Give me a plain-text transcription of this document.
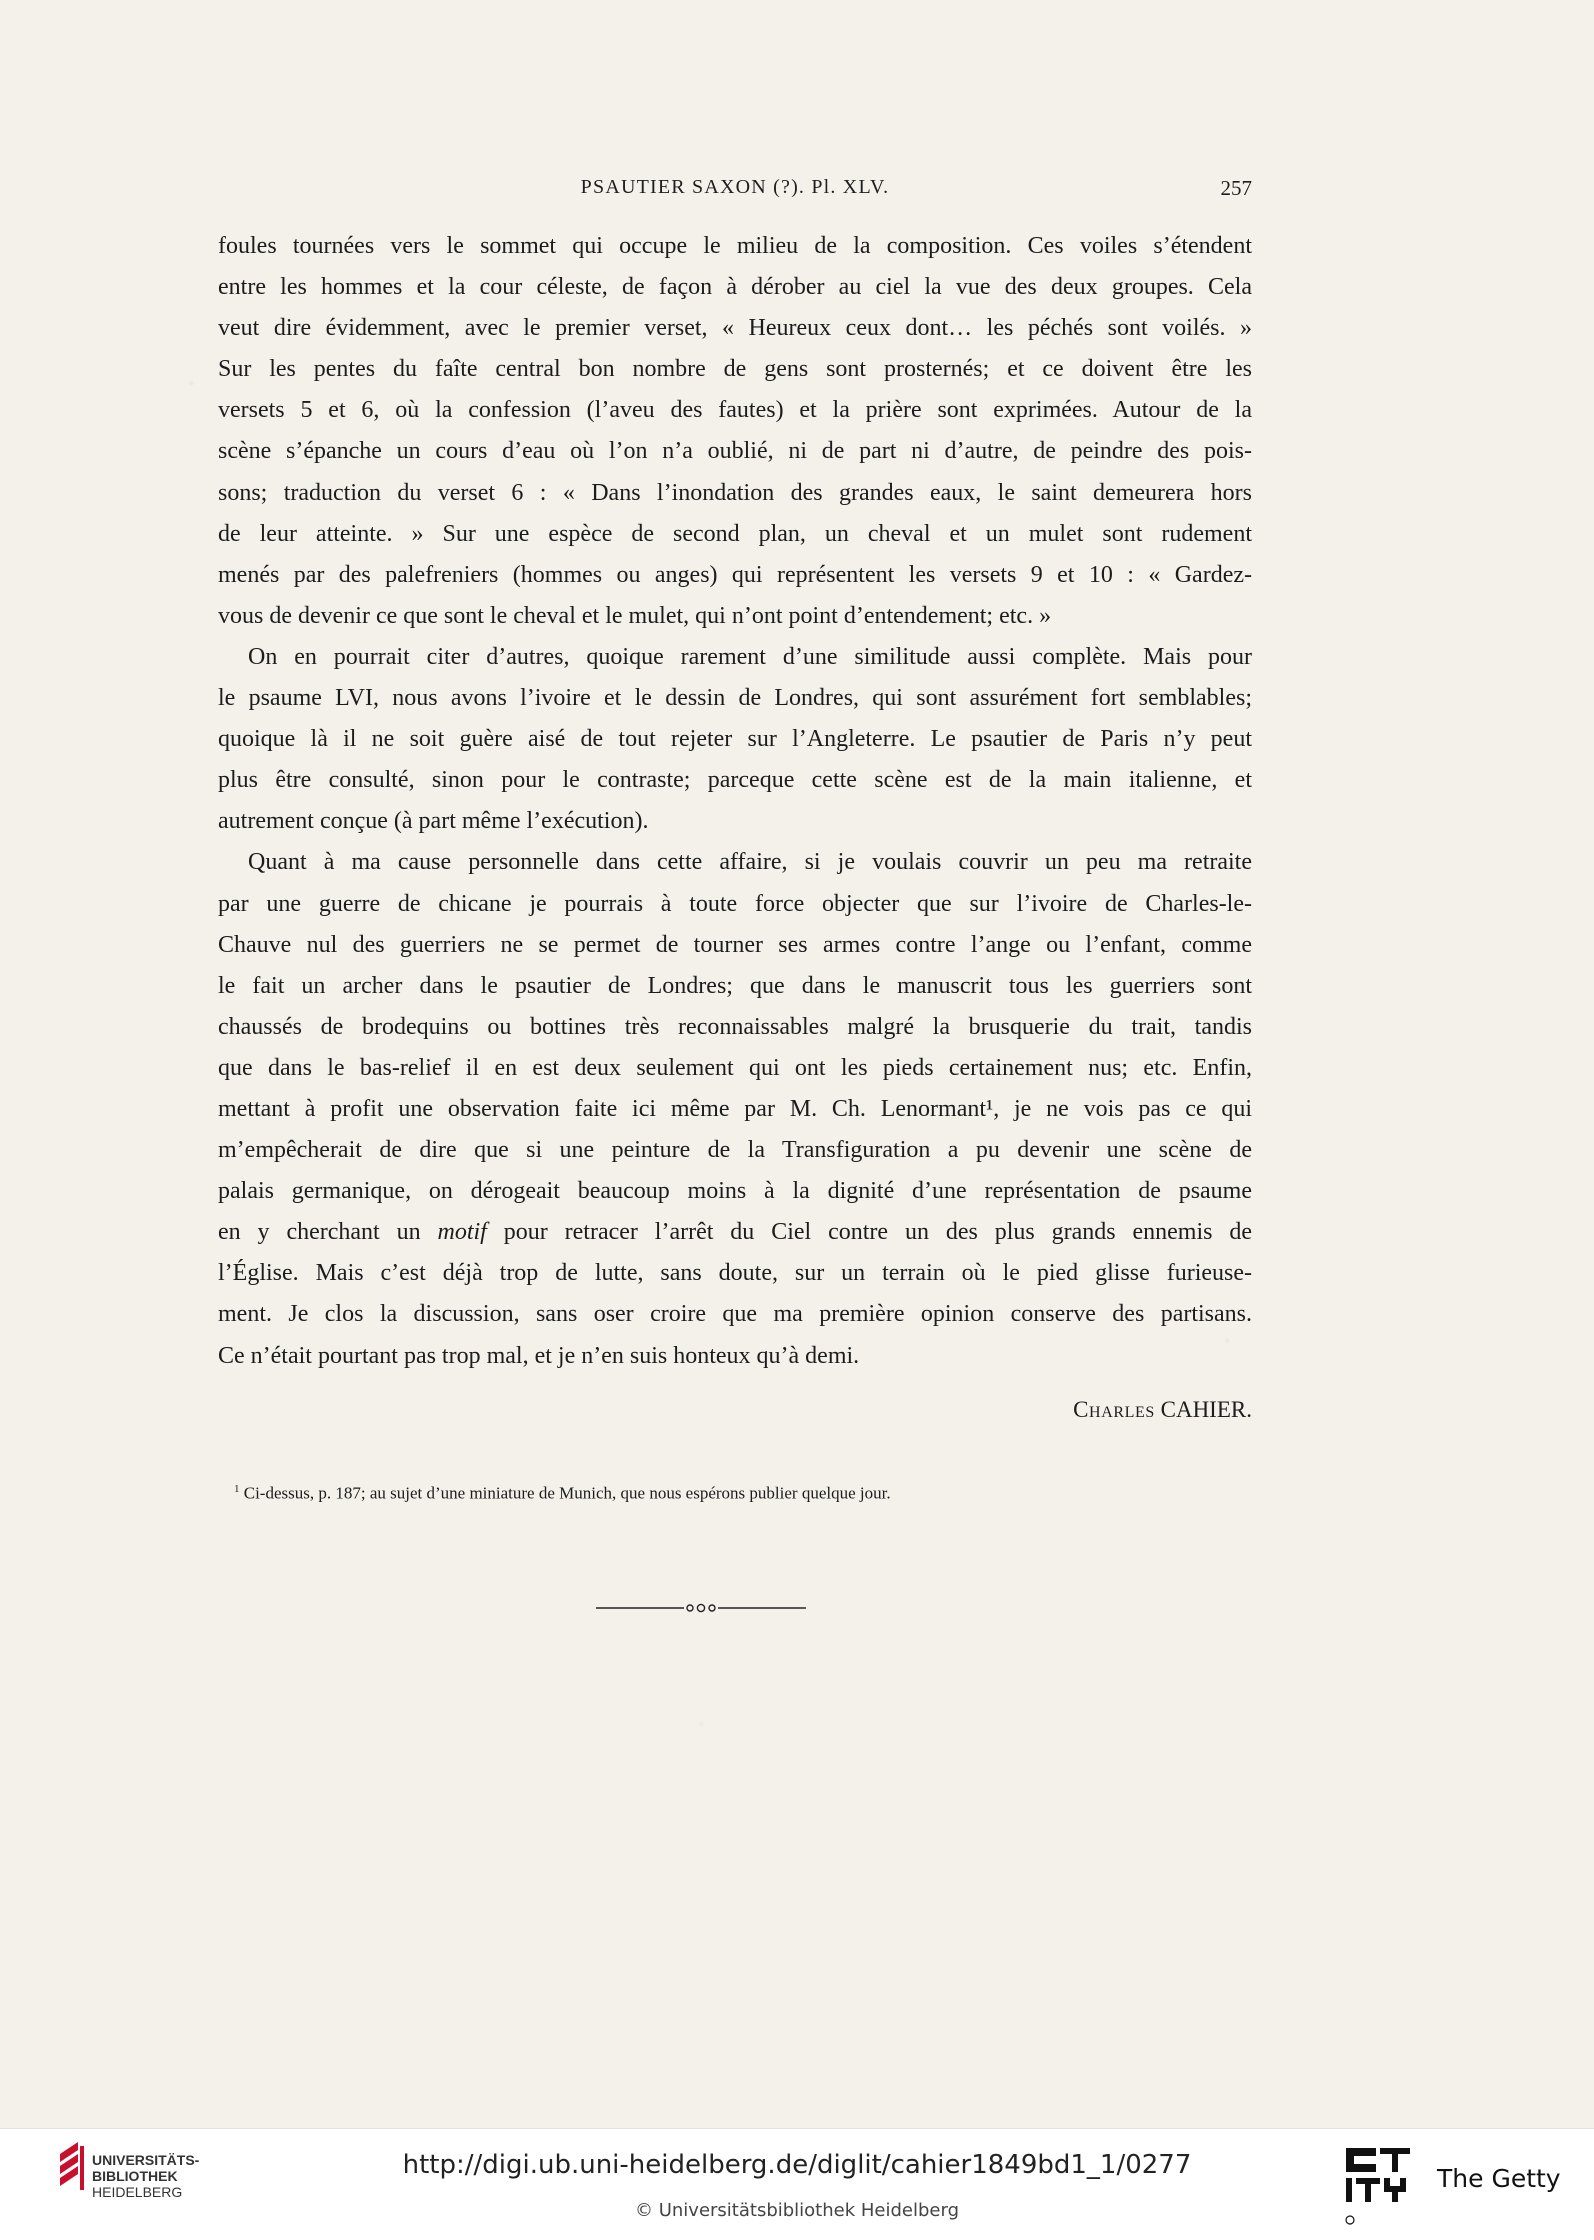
PSAUTIER SAXON (?). Pl. XLV.	257
foules tournées vers le sommet qui occupe le milieu de la composition. Ces voiles s’étendent
entre les hommes et la cour céleste, de façon à dérober au ciel la vue des deux groupes. Cela
veut dire évidemment, avec le premier verset, « Heureux ceux dont… les péchés sont voilés. »
Sur les pentes du faîte central bon nombre de gens sont prosternés; et ce doivent être les
versets 5 et 6, où la confession (l’aveu des fautes) et la prière sont exprimées. Autour de la
scène s’épanche un cours d’eau où l’on n’a oublié, ni de part ni d’autre, de peindre des pois-
sons; traduction du verset 6 : « Dans l’inondation des grandes eaux, le saint demeurera hors
de leur atteinte. » Sur une espèce de second plan, un cheval et un mulet sont rudement
menés par des palefreniers (hommes ou anges) qui représentent les versets 9 et 10 : « Gardez-
vous de devenir ce que sont le cheval et le mulet, qui n’ont point d’entendement; etc. »
On en pourrait citer d’autres, quoique rarement d’une similitude aussi complète. Mais pour
le psaume LVI, nous avons l’ivoire et le dessin de Londres, qui sont assurément fort semblables;
quoique là il ne soit guère aisé de tout rejeter sur l’Angleterre. Le psautier de Paris n’y peut
plus être consulté, sinon pour le contraste; parceque cette scène est de la main italienne, et
autrement conçue (à part même l’exécution).
Quant à ma cause personnelle dans cette affaire, si je voulais couvrir un peu ma retraite
par une guerre de chicane je pourrais à toute force objecter que sur l’ivoire de Charles-le-
Chauve nul des guerriers ne se permet de tourner ses armes contre l’ange ou l’enfant, comme
le fait un archer dans le psautier de Londres; que dans le manuscrit tous les guerriers sont
chaussés de brodequins ou bottines très reconnaissables malgré la brusquerie du trait, tandis
que dans le bas-relief il en est deux seulement qui ont les pieds certainement nus; etc. Enfin,
mettant à profit une observation faite ici même par M. Ch. Lenormant¹, je ne vois pas ce qui
m’empêcherait de dire que si une peinture de la Transfiguration a pu devenir une scène de
palais germanique, on dérogeait beaucoup moins à la dignité d’une représentation de psaume
en y cherchant un motif pour retracer l’arrêt du Ciel contre un des plus grands ennemis de
l’Église. Mais c’est déjà trop de lutte, sans doute, sur un terrain où le pied glisse furieuse-
ment. Je clos la discussion, sans oser croire que ma première opinion conserve des partisans.
Ce n’était pourtant pas trop mal, et je n’en suis honteux qu’à demi.
Charles CAHIER.
$^1$ Ci-dessus, p. 187; au sujet d’une miniature de Munich, que nous espérons publier quelque jour.
UNIVERSITÄTS-
BIBLIOTHEK
HEIDELBERG
http://digi.ub.uni-heidelberg.de/diglit/cahier1849bd1_1/0277
© Universitätsbibliothek Heidelberg
The Getty
